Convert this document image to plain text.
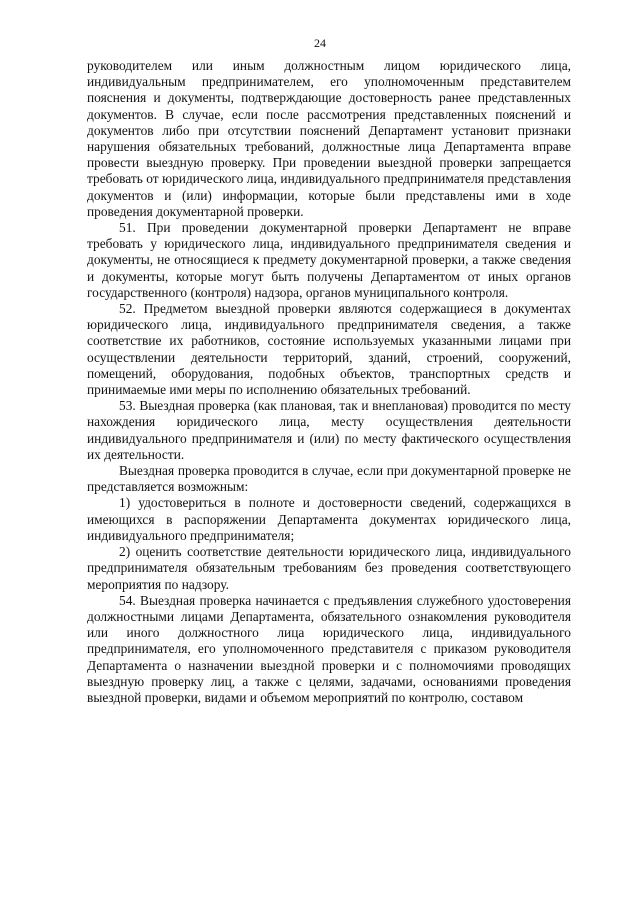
24

руководителем или иным должностным лицом юридического лица, индивидуальным предпринимателем, его уполномоченным представителем пояснения и документы, подтверждающие достоверность ранее представленных документов. В случае, если после рассмотрения представленных пояснений и документов либо при отсутствии пояснений Департамент установит признаки нарушения обязательных требований, должностные лица Департамента вправе провести выездную проверку. При проведении выездной проверки запрещается требовать от юридического лица, индивидуального предпринимателя представления документов и (или) информации, которые были представлены ими в ходе проведения документарной проверки.

51. При проведении документарной проверки Департамент не вправе требовать у юридического лица, индивидуального предпринимателя сведения и документы, не относящиеся к предмету документарной проверки, а также сведения и документы, которые могут быть получены Департаментом от иных органов государственного (контроля) надзора, органов муниципального контроля.

52. Предметом выездной проверки являются содержащиеся в документах юридического лица, индивидуального предпринимателя сведения, а также соответствие их работников, состояние используемых указанными лицами при осуществлении деятельности территорий, зданий, строений, сооружений, помещений, оборудования, подобных объектов, транспортных средств и принимаемые ими меры по исполнению обязательных требований.

53. Выездная проверка (как плановая, так и внеплановая) проводится по месту нахождения юридического лица, месту осуществления деятельности индивидуального предпринимателя и (или) по месту фактического осуществления их деятельности.

Выездная проверка проводится в случае, если при документарной проверке не представляется возможным:

1) удостовериться в полноте и достоверности сведений, содержащихся в имеющихся в распоряжении Департамента документах юридического лица, индивидуального предпринимателя;

2) оценить соответствие деятельности юридического лица, индивидуального предпринимателя обязательным требованиям без проведения соответствующего мероприятия по надзору.

54. Выездная проверка начинается с предъявления служебного удостоверения должностными лицами Департамента, обязательного ознакомления руководителя или иного должностного лица юридического лица, индивидуального предпринимателя, его уполномоченного представителя с приказом руководителя Департамента о назначении выездной проверки и с полномочиями проводящих выездную проверку лиц, а также с целями, задачами, основаниями проведения выездной проверки, видами и объемом мероприятий по контролю, составом
